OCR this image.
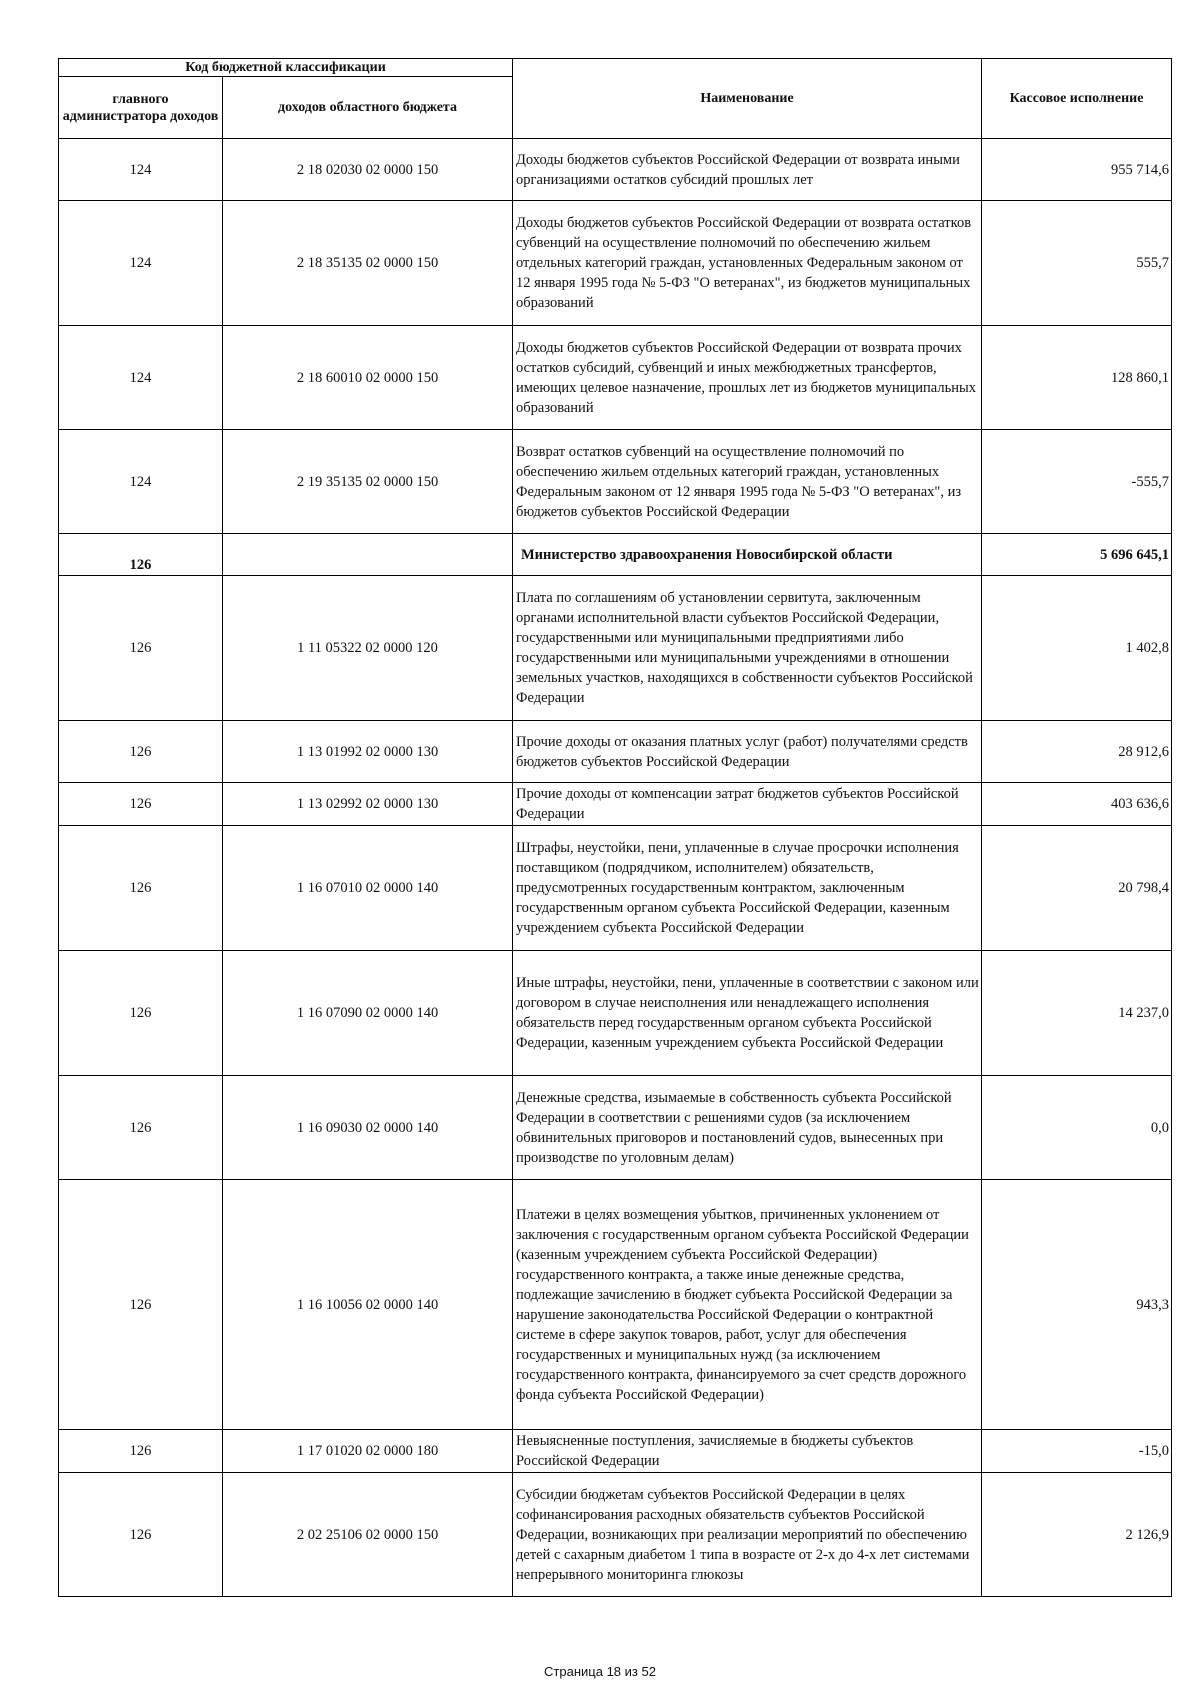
Код бюджетной классификации		Наименование	Кассовое исполнение
главного администратора доходов	доходов областного бюджета		
124	2 18 02030 02 0000 150	Доходы бюджетов субъектов Российской Федерации от возврата иными организациями остатков субсидий прошлых лет	955 714,6
124	2 18 35135 02 0000 150	Доходы бюджетов субъектов Российской Федерации от возврата остатков субвенций на осуществление полномочий по обеспечению жильем отдельных категорий граждан, установленных Федеральным законом от 12 января 1995 года № 5-ФЗ "О ветеранах", из бюджетов муниципальных образований	555,7
124	2 18 60010 02 0000 150	Доходы бюджетов субъектов Российской Федерации от возврата прочих остатков субсидий, субвенций и иных межбюджетных трансфертов, имеющих целевое назначение, прошлых лет из бюджетов муниципальных образований	128 860,1
124	2 19 35135 02 0000 150	Возврат остатков субвенций на осуществление полномочий по обеспечению жильем отдельных категорий граждан, установленных Федеральным законом от 12 января 1995 года № 5-ФЗ "О ветеранах", из бюджетов субъектов Российской Федерации	-555,7
126		Министерство здравоохранения Новосибирской области	5 696 645,1
126	1 11 05322 02 0000 120	Плата по соглашениям об установлении сервитута, заключенным органами исполнительной власти субъектов Российской Федерации, государственными или муниципальными предприятиями либо государственными или муниципальными учреждениями в отношении земельных участков, находящихся в собственности субъектов Российской Федерации	1 402,8
126	1 13 01992 02 0000 130	Прочие доходы от оказания платных услуг (работ) получателями средств бюджетов субъектов Российской Федерации	28 912,6
126	1 13 02992 02 0000 130	Прочие доходы от компенсации затрат бюджетов субъектов Российской Федерации	403 636,6
126	1 16 07010 02 0000 140	Штрафы, неустойки, пени, уплаченные в случае просрочки исполнения поставщиком (подрядчиком, исполнителем) обязательств, предусмотренных государственным контрактом, заключенным государственным органом субъекта Российской Федерации, казенным учреждением субъекта Российской Федерации	20 798,4
126	1 16 07090 02 0000 140	Иные штрафы, неустойки, пени, уплаченные в соответствии с законом или договором в случае неисполнения или ненадлежащего исполнения обязательств перед государственным органом субъекта Российской Федерации, казенным учреждением субъекта Российской Федерации	14 237,0
126	1 16 09030 02 0000 140	Денежные средства, изымаемые в собственность субъекта Российской Федерации в соответствии с решениями судов (за исключением обвинительных приговоров и постановлений судов, вынесенных при производстве по уголовным делам)	0,0
126	1 16 10056 02 0000 140	Платежи в целях возмещения убытков, причиненных уклонением от заключения с государственным органом субъекта Российской Федерации (казенным учреждением субъекта Российской Федерации) государственного контракта, а также иные денежные средства, подлежащие зачислению в бюджет субъекта Российской Федерации за нарушение законодательства Российской Федерации о контрактной системе в сфере закупок товаров, работ, услуг для обеспечения государственных и муниципальных нужд (за исключением государственного контракта, финансируемого за счет средств дорожного фонда субъекта Российской Федерации)	943,3
126	1 17 01020 02 0000 180	Невыясненные поступления, зачисляемые в бюджеты субъектов Российской Федерации	-15,0
126	2 02 25106 02 0000 150	Субсидии бюджетам субъектов Российской Федерации в целях софинансирования расходных обязательств субъектов Российской Федерации, возникающих при реализации мероприятий по обеспечению детей с сахарным диабетом 1 типа в возрасте от 2-х до 4-х лет системами непрерывного мониторинга глюкозы	2 126,9
Страница 18 из 52
